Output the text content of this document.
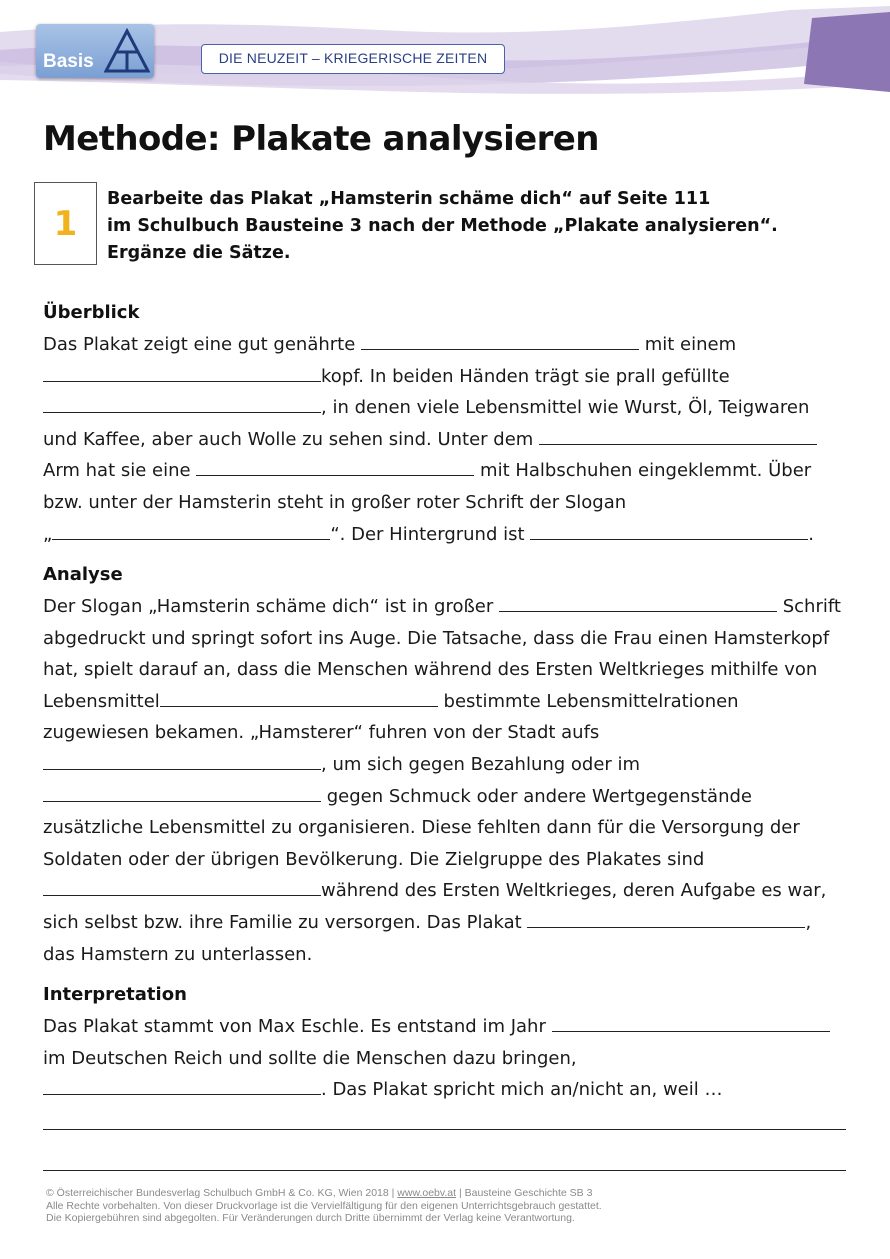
Basis	DIE NEUZEIT – KRIEGERISCHE ZEITEN
Methode: Plakate analysieren
1
Bearbeite das Plakat „Hamsterin schäme dich“ auf Seite 111
im Schulbuch Bausteine 3 nach der Methode „Plakate analysieren“.
Ergänze die Sätze.
Überblick
Das Plakat zeigt eine gut genährte	mit einem
kopf. In beiden Händen trägt sie prall gefüllte
, in denen viele Lebensmittel wie Wurst, Öl, Teigwaren
und Kaffee, aber auch Wolle zu sehen sind. Unter dem
Arm hat sie eine	mit Halbschuhen eingeklemmt. Über
bzw. unter der Hamsterin steht in großer roter Schrift der Slogan
„	“. Der Hintergrund ist	.
Analyse
Der Slogan „Hamsterin schäme dich“ ist in großer	Schrift
abgedruckt und springt sofort ins Auge. Die Tatsache, dass die Frau einen Hamsterkopf
hat, spielt darauf an, dass die Menschen während des Ersten Weltkrieges mithilfe von
Lebensmittel	bestimmte Lebensmittelrationen
zugewiesen bekamen. „Hamsterer“ fuhren von der Stadt aufs
, um sich gegen Bezahlung oder im
gegen Schmuck oder andere Wertgegenstände
zusätzliche Lebensmittel zu organisieren. Diese fehlten dann für die Versorgung der
Soldaten oder der übrigen Bevölkerung. Die Zielgruppe des Plakates sind
während des Ersten Weltkrieges, deren Aufgabe es war,
sich selbst bzw. ihre Familie zu versorgen. Das Plakat	,
das Hamstern zu unterlassen.
Interpretation
Das Plakat stammt von Max Eschle. Es entstand im Jahr
im Deutschen Reich und sollte die Menschen dazu bringen,
. Das Plakat spricht mich an/nicht an, weil …
© Österreichischer Bundesverlag Schulbuch GmbH & Co. KG, Wien 2018 | www.oebv.at | Bausteine Geschichte SB 3
Alle Rechte vorbehalten. Von dieser Druckvorlage ist die Vervielfältigung für den eigenen Unterrichtsgebrauch gestattet.
Die Kopiergebühren sind abgegolten. Für Veränderungen durch Dritte übernimmt der Verlag keine Verantwortung.
